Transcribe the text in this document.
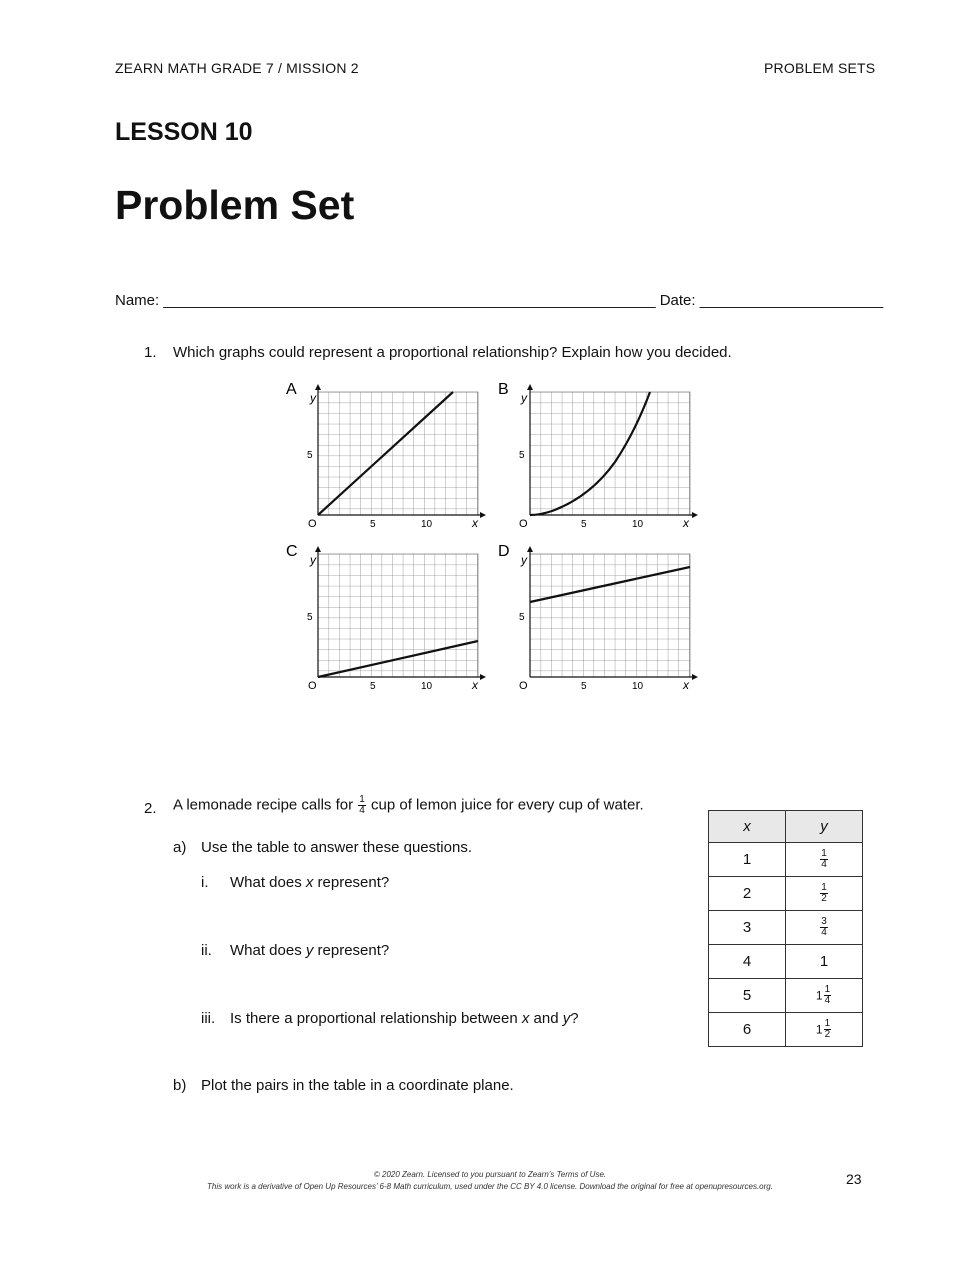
ZEARN MATH GRADE 7 / MISSION 2	PROBLEM SETS
LESSON 10
Problem Set
Name: ___________________________________________________________ Date: ______________________
1. Which graphs could represent a proportional relationship? Explain how you decided.
A y
5
O	5	10	x
B y
5
O	5	10	x
C y
5
O	5	10	x
D y
5
O	5	10	x
2. A lemonade recipe calls for $\frac{1}{4}$ cup of lemon juice for every cup of water.
a) Use the table to answer these questions.
i. What does x represent?
ii. What does y represent?
iii. Is there a proportional relationship between x and y?
b) Plot the pairs in the table in a coordinate plane.
x	y
1	$\frac{1}{4}$

2	$\frac{1}{2}$

3	$\frac{3}{4}$

4	1
5	$1 \frac{1}{4}$

6	$1 \frac{1}{2}$
© 2020 Zearn. Licensed to you pursuant to Zearn’s Terms of Use.
This work is a derivative of Open Up Resources’ 6-8 Math curriculum, used under the CC BY 4.0 license. Download the original for free at openupresources.org.	23
